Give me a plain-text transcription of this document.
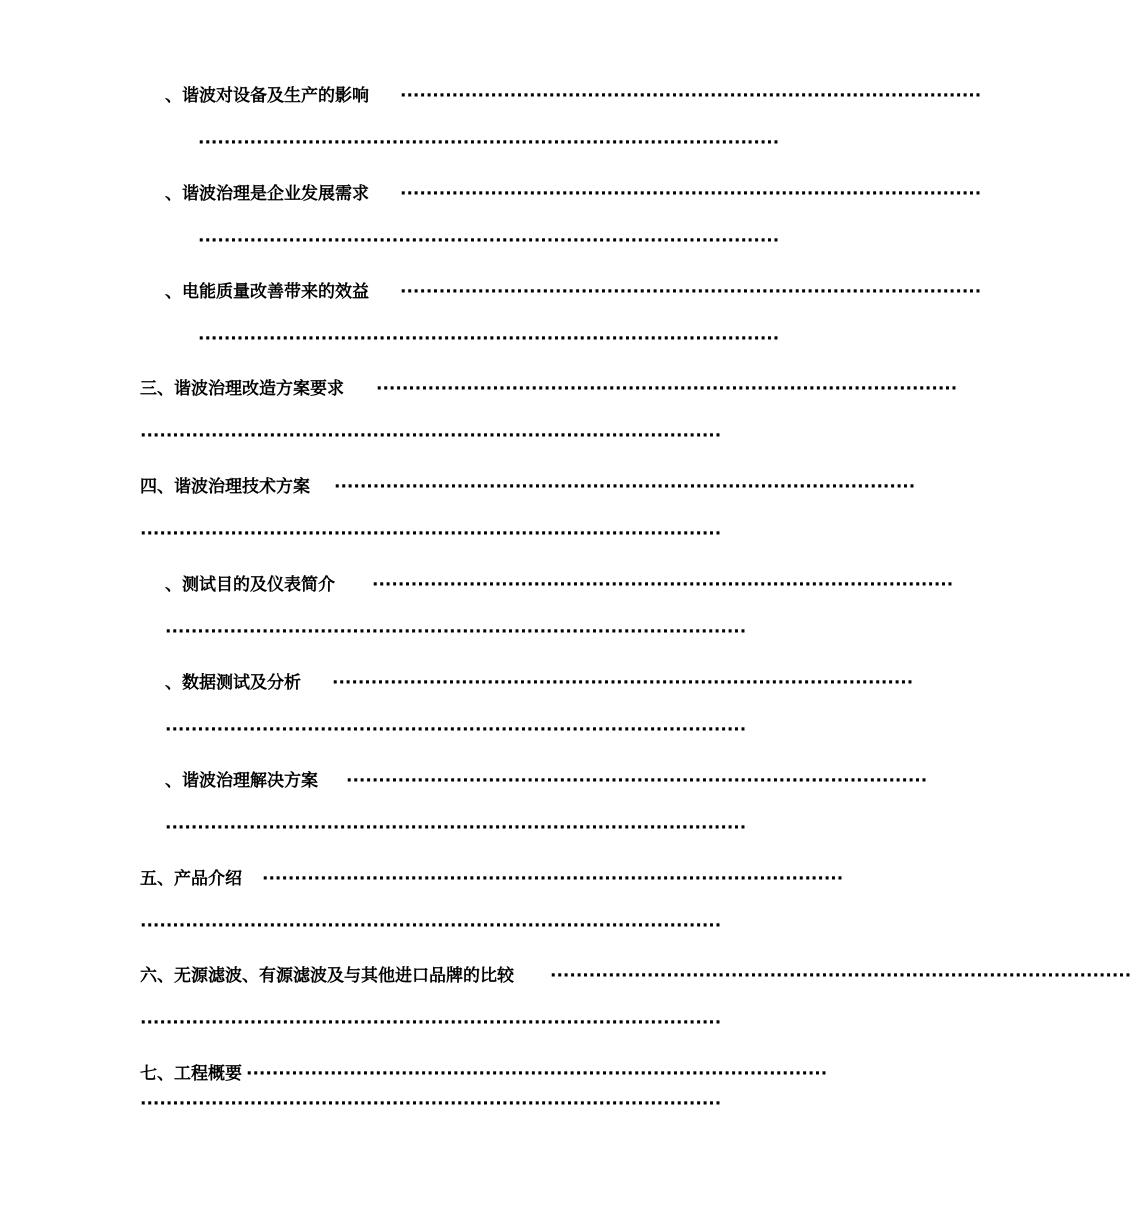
、谐波对设备及生产的影响 ··························································································
··························································································
、谐波治理是企业发展需求 ··························································································
··························································································
、电能质量改善带来的效益 ··························································································
··························································································
三、谐波治理改造方案要求 ··························································································
··························································································
四、谐波治理技术方案 ··························································································
··························································································
、测试目的及仪表简介 ··························································································
··························································································
、数据测试及分析 ··························································································
··························································································
、谐波治理解决方案 ··························································································
··························································································
五、产品介绍 ··························································································
··························································································
六、无源滤波、有源滤波及与其他进口品牌的比较 ··························································································
··························································································
七、工程概要 ··························································································
··························································································
